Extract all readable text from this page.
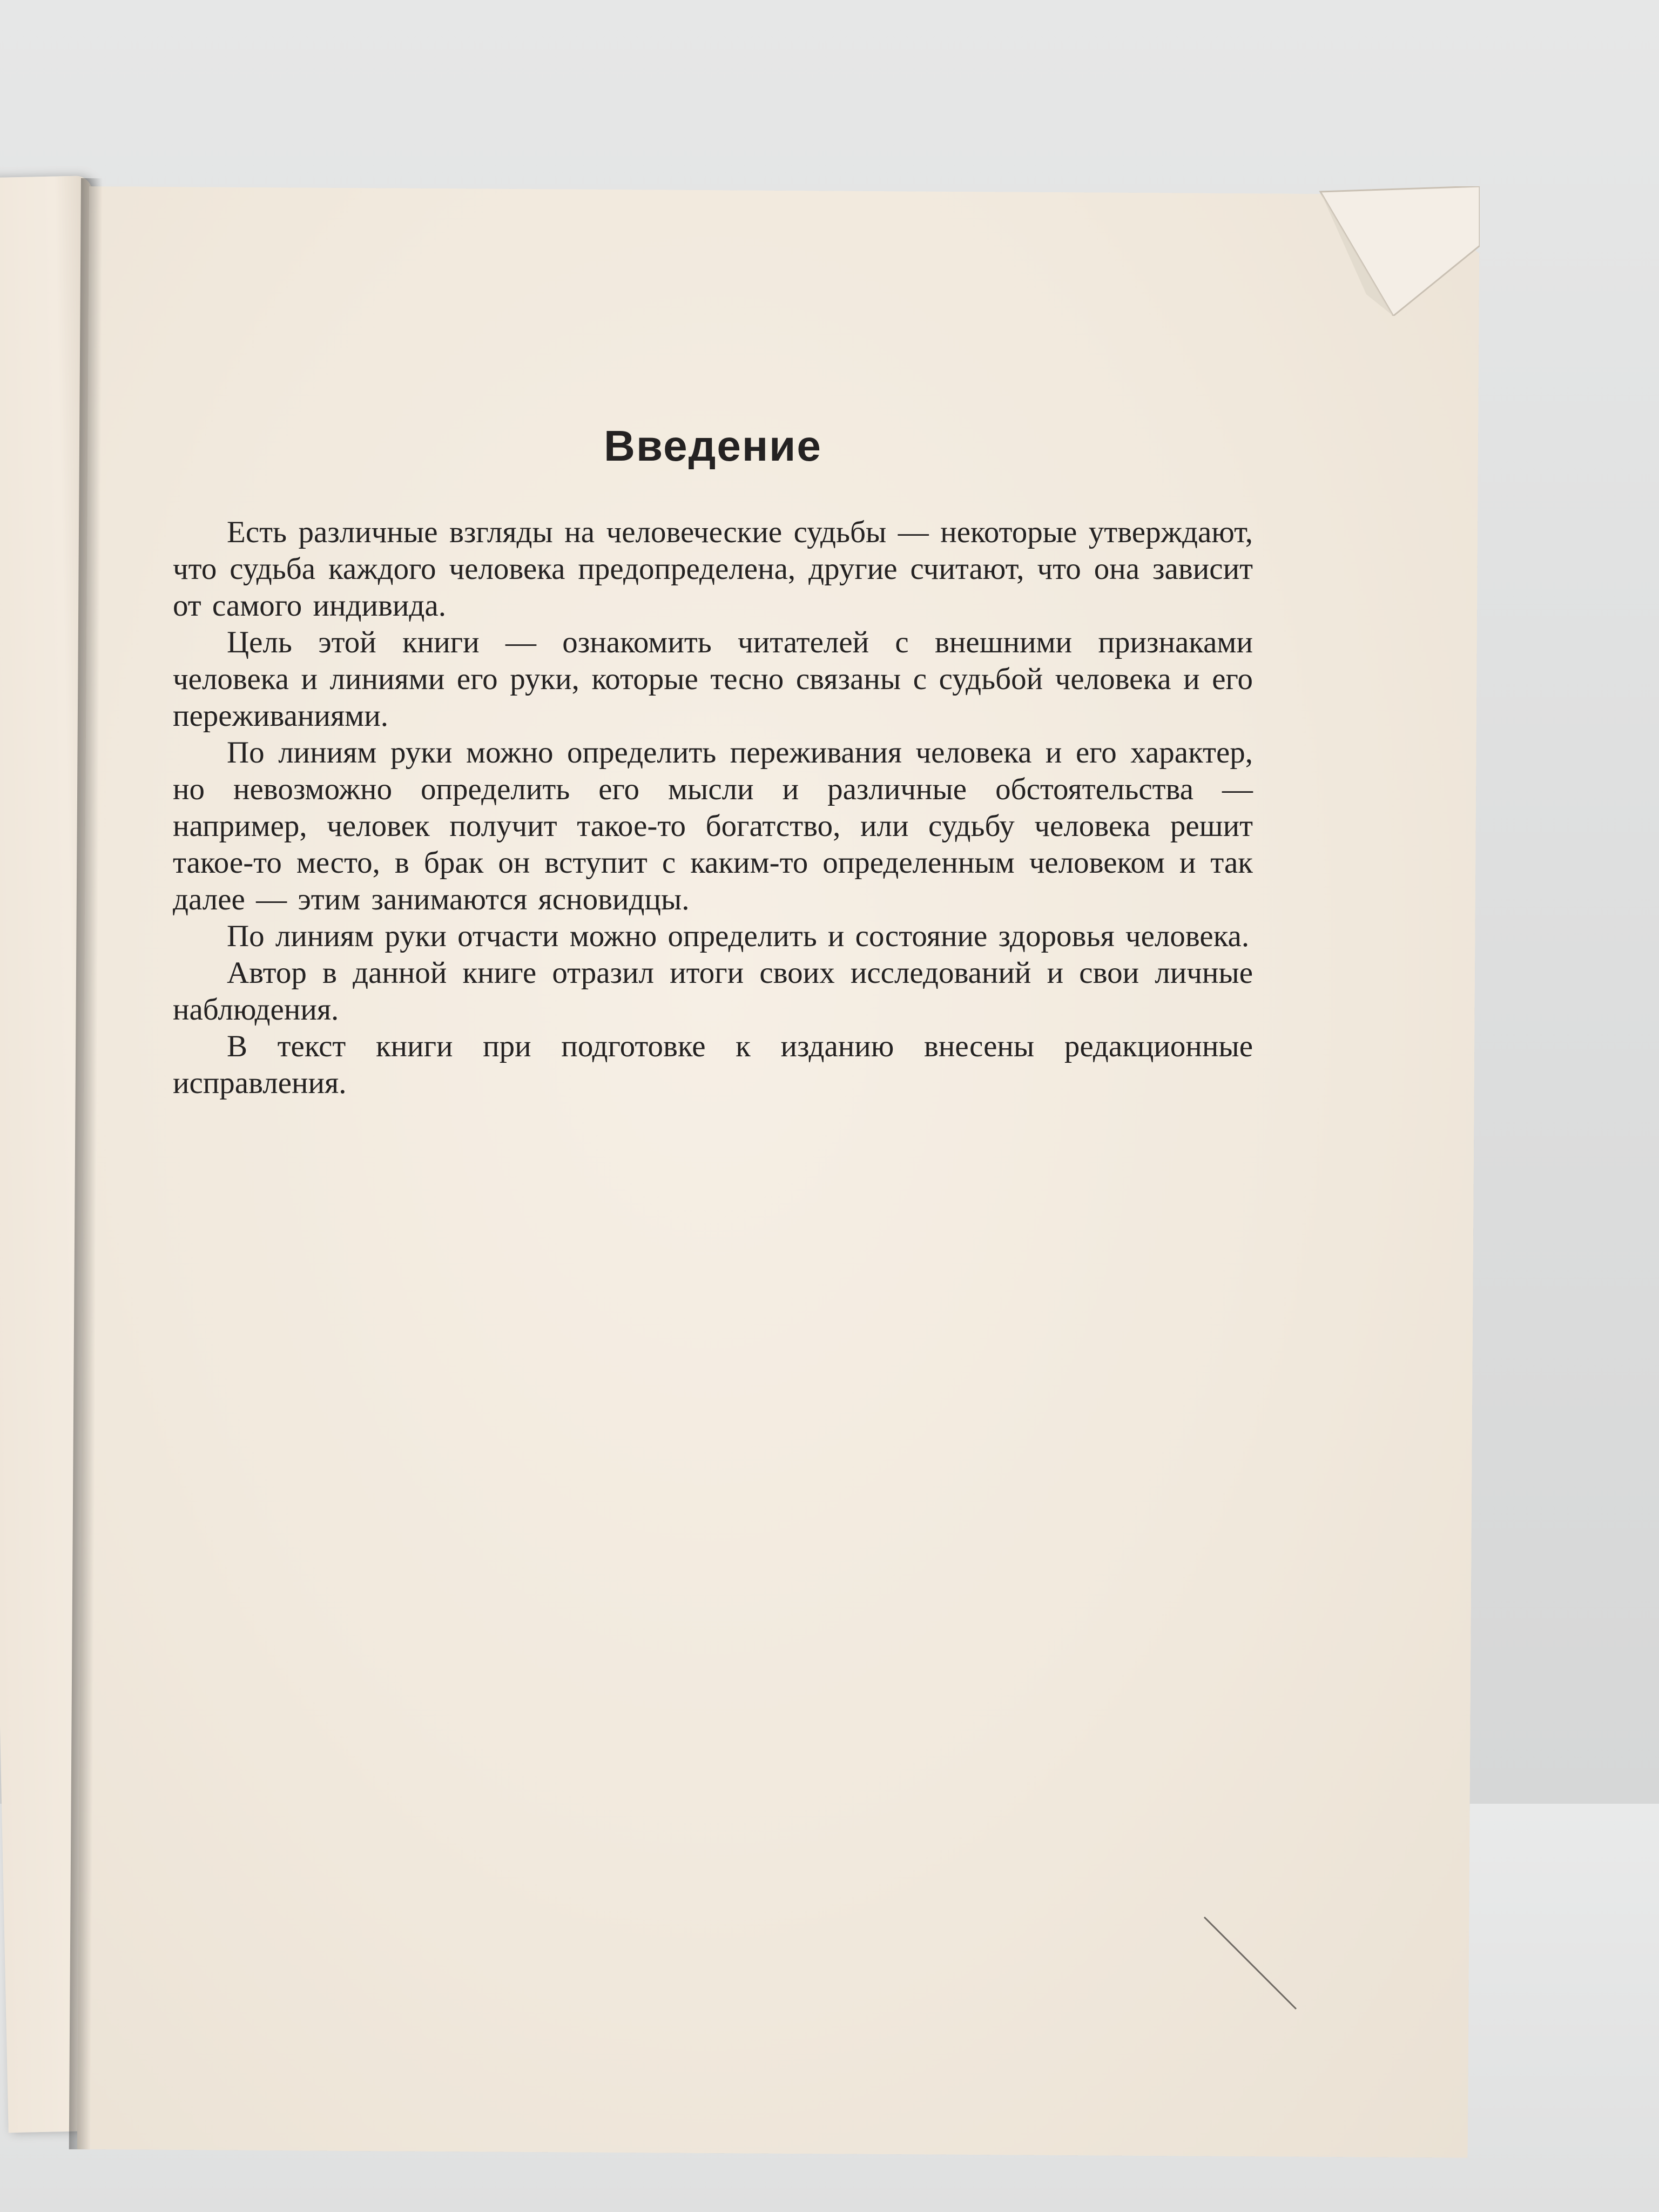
Введение

Есть различные взгляды на человеческие судьбы — некоторые утверждают, что судьба каждого человека предопределена, другие считают, что она зависит от самого индивида.

Цель этой книги — ознакомить читателей с внешними признаками человека и линиями его руки, которые тесно связаны с судьбой человека и его переживаниями.

По линиям руки можно определить переживания человека и его характер, но невозможно определить его мысли и различные обстоятельства — например, человек получит такое-то богатство, или судьбу человека решит такое-то место, в брак он вступит с каким-то определенным человеком и так далее — этим занимаются ясновидцы.

По линиям руки отчасти можно определить и состояние здоровья человека.

Автор в данной книге отразил итоги своих исследований и свои личные наблюдения.

В текст книги при подготовке к изданию внесены редакционные исправления.
